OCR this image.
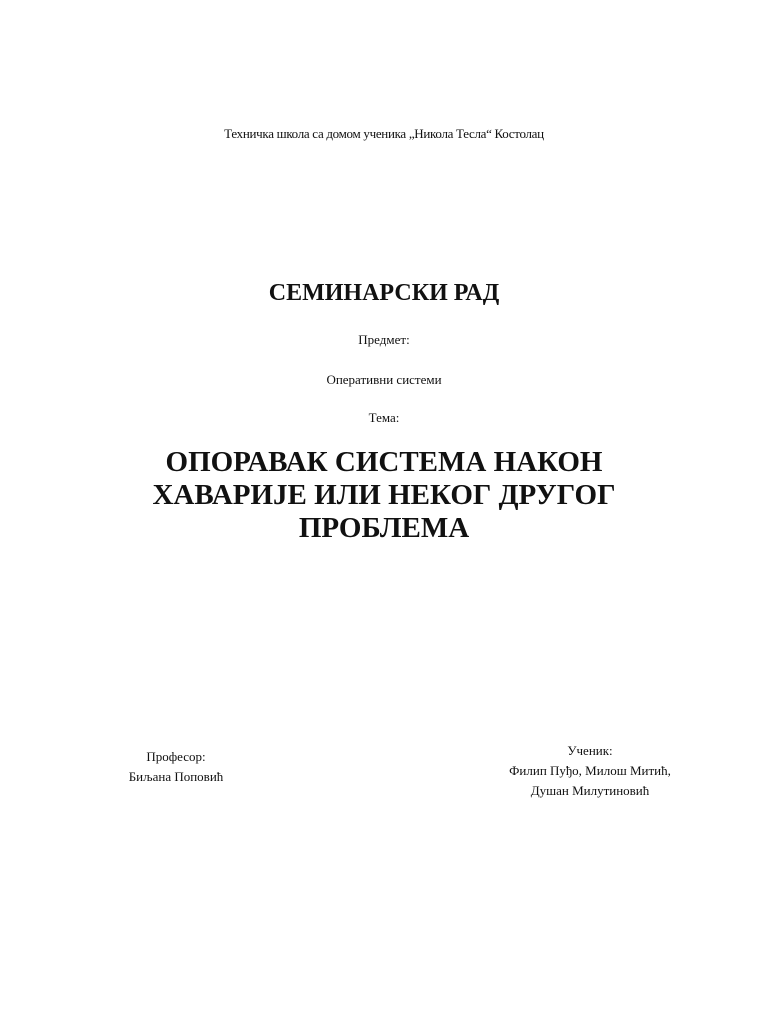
Техничка школа са домом ученика „Никола Тесла“ Костолац
СЕМИНАРСКИ РАД
Предмет:
Оперативни системи
Тема:
ОПОРАВАК СИСТЕМА НАКОН
ХАВАРИЈЕ ИЛИ НЕКОГ ДРУГОГ
ПРОБЛЕМА
Професор:
Биљана Поповић
Ученик:
Филип Пуђо, Милош Митић,
Душан Милутиновић
